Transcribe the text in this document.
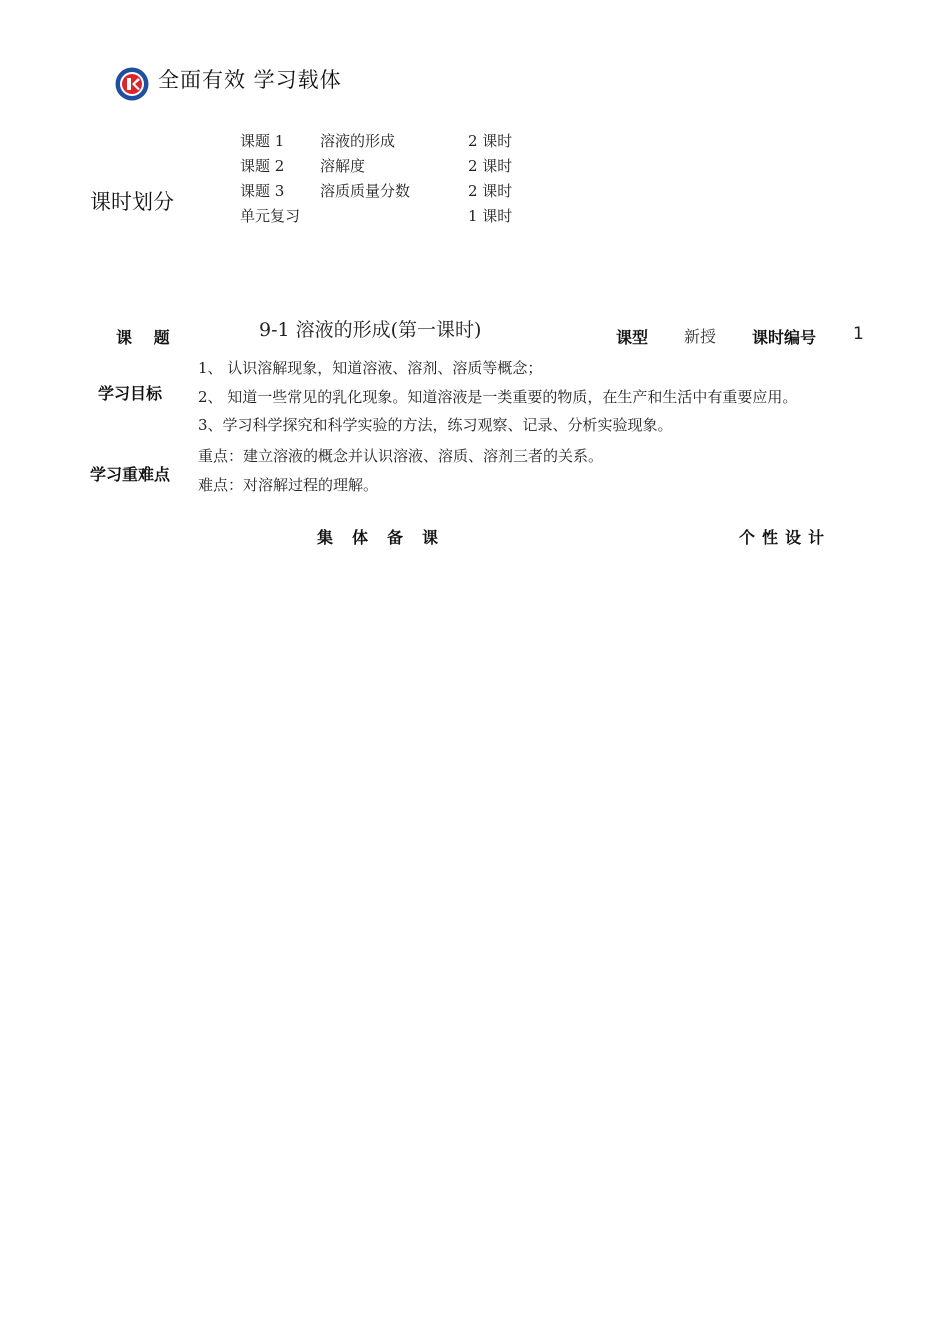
全面有效 学习载体
课时划分
课题 1	溶液的形成	2 课时
课题 2	溶解度	2 课时
课题 3	溶质质量分数	2 课时
单元复习		1 课时
课 题	9-1 溶液的形成(第一课时)	课型 新授 课时编号 1
学习目标
1、 认识溶解现象，知道溶液、溶剂、溶质等概念；
2、 知道一些常见的乳化现象。知道溶液是一类重要的物质，在生产和生活中有重要应用。
3、学习科学探究和科学实验的方法，练习观察、记录、分析实验现象。
学习重难点
重点：建立溶液的概念并认识溶液、溶质、溶剂三者的关系。
难点：对溶解过程的理解。
集体备课	个性设计
